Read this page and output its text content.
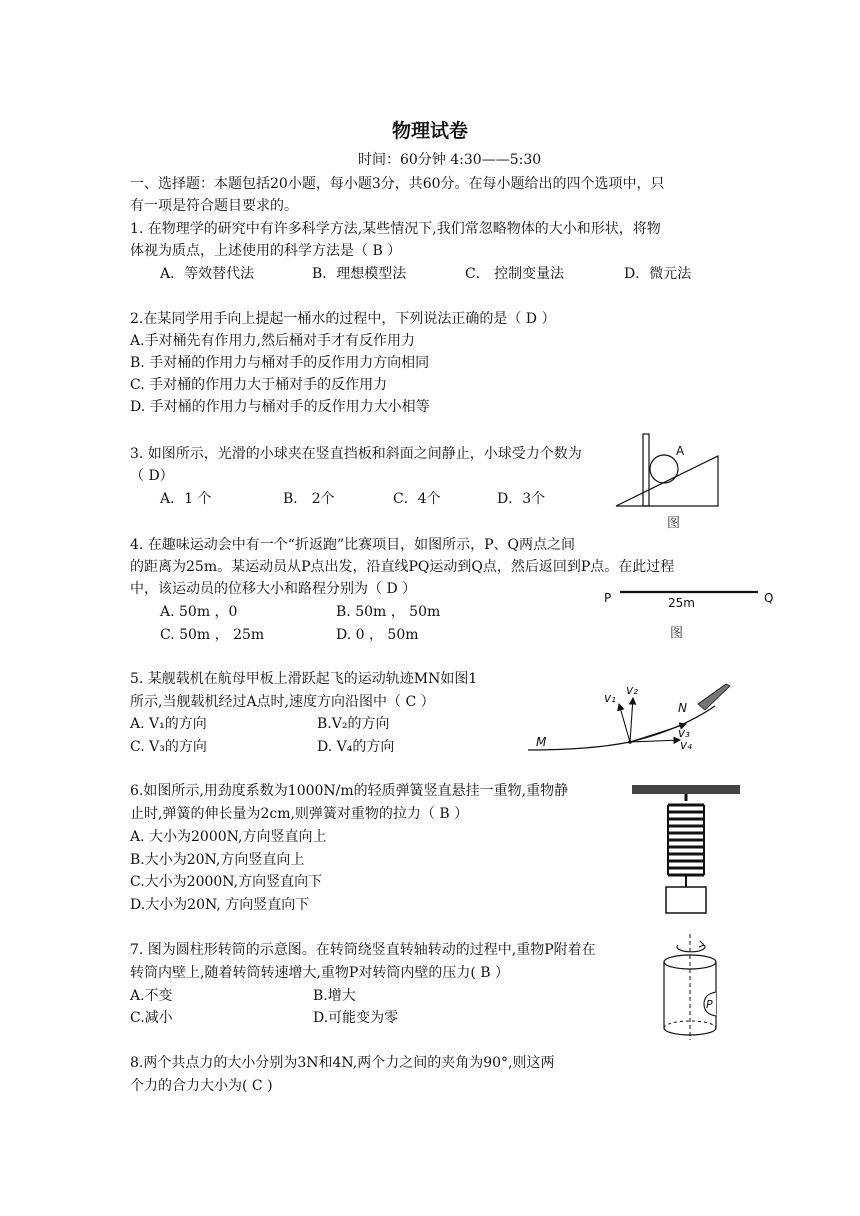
物理试卷
时间：60分钟 4:30——5:30
一、选择题：本题包括20小题，每小题3分，共60分。在每小题给出的四个选项中，只
有一项是符合题目要求的。
1. 在物理学的研究中有许多科学方法,某些情况下,我们常忽略物体的大小和形状，将物
体视为质点，上述使用的科学方法是（ B ）
A．等效替代法	B．理想模型法	C． 控制变量法	D．微元法
2.在某同学用手向上提起一桶水的过程中，下列说法正确的是（ D ）
A.手对桶先有作用力,然后桶对手才有反作用力
B. 手对桶的作用力与桶对手的反作用力方向相同
C. 手对桶的作用力大于桶对手的反作用力
D. 手对桶的作用力与桶对手的反作用力大小相等
3. 如图所示，光滑的小球夹在竖直挡板和斜面之间静止，小球受力个数为
（ D）
A．1 个	B． 2个	C．4个	D．3个
A
图
4. 在趣味运动会中有一个“折返跑”比赛项目，如图所示，P、Q两点之间
的距离为25m。某运动员从P点出发，沿直线PQ运动到Q点，然后返回到P点。在此过程
中，该运动员的位移大小和路程分别为（ D ）
A. 50m ，0	B. 50m ， 50m
C. 50m ， 25m	D. 0 ， 50m
P	Q
25m
图
5. 某舰载机在航母甲板上滑跃起飞的运动轨迹MN如图1
所示,当舰载机经过A点时,速度方向沿图中（ C ）
A. V₁的方向	B.V₂的方向
C. V₃的方向	D. V₄的方向	M
N
v₁
v₂
v₃
v₄
6.如图所示,用劲度系数为1000N/m的轻质弹簧竖直悬挂一重物,重物静
止时,弹簧的伸长量为2cm,则弹簧对重物的拉力（ B ）
A. 大小为2000N,方向竖直向上
B.大小为20N,方向竖直向上
C.大小为2000N,方向竖直向下
D.大小为20N, 方向竖直向下
7. 图为圆柱形转筒的示意图。在转筒绕竖直转轴转动的过程中,重物P附着在
转筒内壁上,随着转筒转速增大,重物P对转筒内壁的压力( B ）
A.不变	B.增大
C.减小	D.可能变为零
P
8.两个共点力的大小分别为3N和4N,两个力之间的夹角为90°,则这两
个力的合力大小为( C )
